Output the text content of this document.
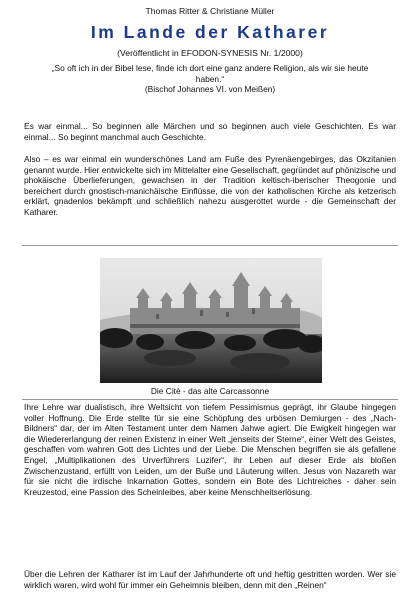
Thomas Ritter & Christiane Müller
Im Lande der Katharer
(Veröffentlicht in EFODON-SYNESIS Nr. 1/2000)
„So oft ich in der Bibel lese, finde ich dort eine ganz andere Religion, als wir sie heute haben.“
(Bischof Johannes VI. von Meißen)

Es war einmal... So beginnen alle Märchen und so beginnen auch viele Geschichten. Es war einmal... So beginnt manchmal auch Geschichte.

Also – es war einmal ein wunderschönes Land am Fuße des Pyrenäengebirges, das Okzitanien genannt wurde. Hier entwickelte sich im Mittelalter eine Gesellschaft, gegründet auf phönizische und phokäische Überlieferungen, gewachsen in der Tradition keltisch-iberischer Theogonie und bereichert durch gnostisch-manichäische Einflüsse, die von der katholischen Kirche als ketzerisch erklärt, gnadenlos bekämpft und schließlich nahezu ausgerottet wurde - die Gemeinschaft der Katharer.

Die Citè - das alte Carcassonne

Ihre Lehre war dualistisch, ihre Weltsicht von tiefem Pessimismus geprägt, ihr Glaube hingegen voller Hoffnung. Die Erde stellte für sie eine Schöpfung des urbösen Demiurgen - des „Nach-Bildners“ dar, der im Alten Testament unter dem Namen Jahwe agiert. Die Ewigkeit hingegen war die Wiedererlangung der reinen Existenz in einer Welt „jenseits der Sterne“, einer Welt des Geistes, geschaffen vom wahren Gott des Lichtes und der Liebe. Die Menschen begriffen sie als gefallene Engel, „Multiplikationen des Urverführers Luzifer“, ihr Leben auf dieser Erde als bloßen Zwischenzustand, erfüllt von Leiden, um der Buße und Läuterung willen. Jesus von Nazareth war für sie nicht die irdische Inkarnation Gottes, sondern ein Bote des Lichtreiches - daher sein Kreuzestod, eine Passion des Scheinleibes, aber keine Menschheitserlösung.

Über die Lehren der Katharer ist im Lauf der Jahrhunderte oft und heftig gestritten worden. Wer sie wirklich waren, wird wohl für immer ein Geheimnis bleiben, denn mit den „Reinen“
